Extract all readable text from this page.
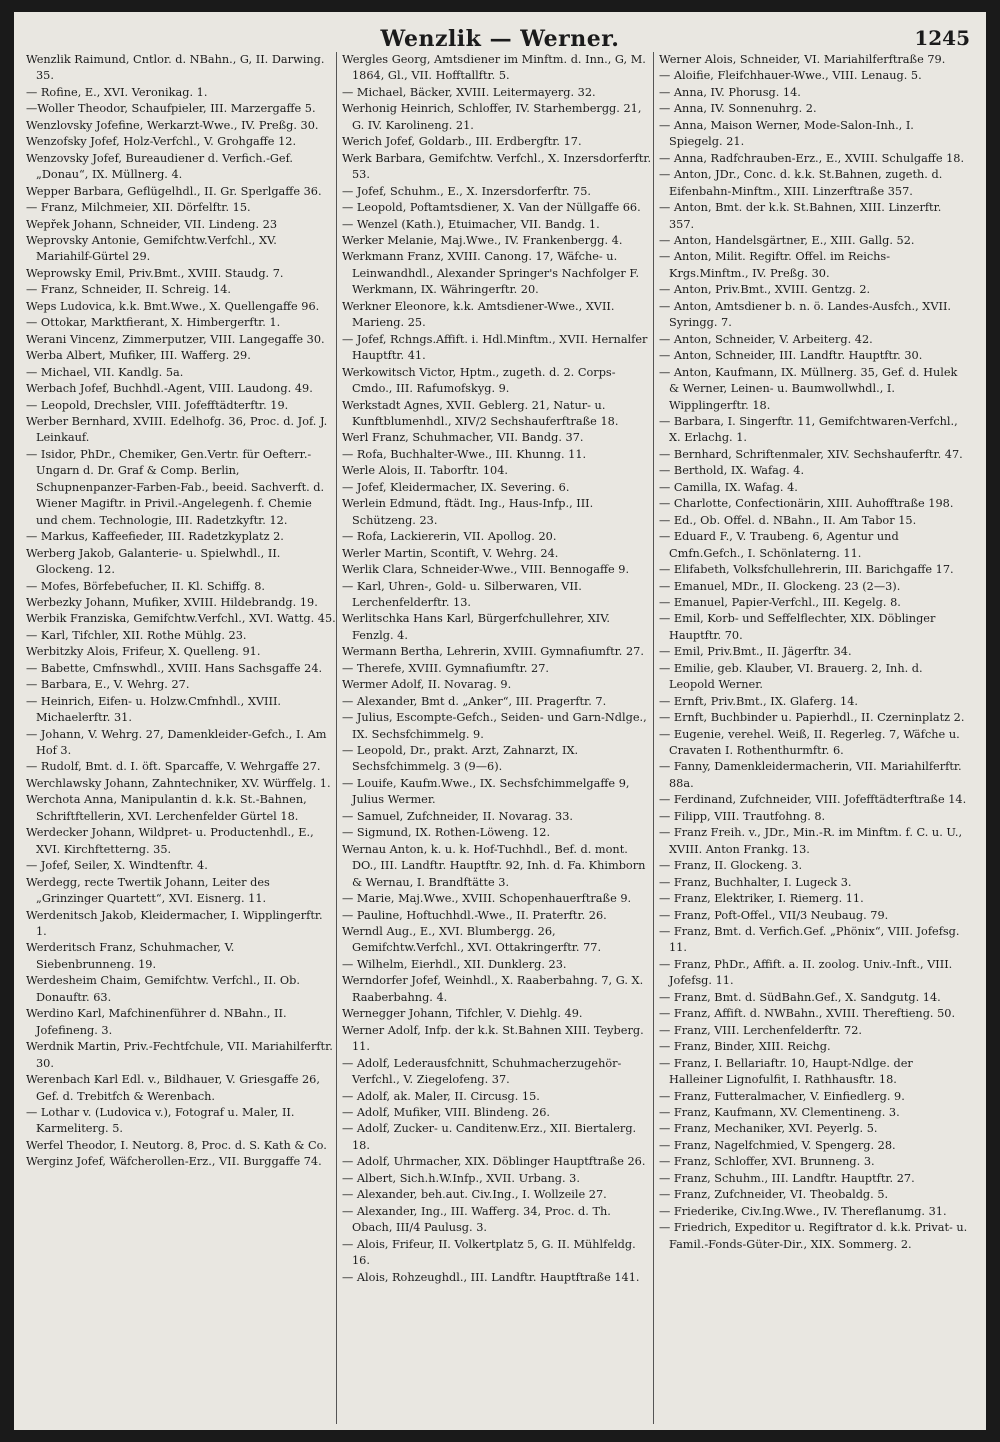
Wenzlik — Werner.	1245

Wenzlik Raimund, Cntlor. d. NBahn., G, II. Darwing. 35.

— Rofine, E., XVI. Veronikag. 1.

—Woller Theodor, Schaufpieler, III. Marzergaffe 5.

Wenzlovsky Jofefine, Werkarzt-Wwe., IV. Preßg. 30.

Wenzofsky Jofef, Holz-Verfchl., V. Grohgaffe 12.

Wenzovsky Jofef, Bureaudiener d. Verfich.-Gef. „Donau“, IX. Müllnerg. 4.

Wepper Barbara, Geflügelhdl., II. Gr. Sperlgaffe 36.

— Franz, Milchmeier, XII. Dörfelftr. 15.

Wepřek Johann, Schneider, VII. Lindeng. 23

Weprovsky Antonie, Gemifchtw.Verfchl., XV. Mariahilf-Gürtel 29.

Weprowsky Emil, Priv.Bmt., XVIII. Staudg. 7.

— Franz, Schneider, II. Schreig. 14.

Weps Ludovica, k.k. Bmt.Wwe., X. Quellengaffe 96.

— Ottokar, Marktfierant, X. Himbergerftr. 1.

Werani Vincenz, Zimmerputzer, VIII. Langegaffe 30.

Werba Albert, Mufiker, III. Wafferg. 29.

— Michael, VII. Kandlg. 5a.

Werbach Jofef, Buchhdl.-Agent, VIII. Laudong. 49.

— Leopold, Drechsler, VIII. Jofefftädterftr. 19.

Werber Bernhard, XVIII. Edelhofg. 36, Proc. d. Jof. J. Leinkauf.

— Isidor, PhDr., Chemiker, Gen.Vertr. für Oefterr.-Ungarn d. Dr. Graf & Comp. Berlin, Schupnenpanzer-Farben-Fab., beeid. Sachverft. d. Wiener Magiftr. in Privil.-Angelegenh. f. Chemie und chem. Technologie, III. Radetzkyftr. 12.

— Markus, Kaffeefieder, III. Radetzkyplatz 2.

Werberg Jakob, Galanterie- u. Spielwhdl., II. Glockeng. 12.

— Mofes, Börfebefucher, II. Kl. Schiffg. 8.

Werbezky Johann, Mufiker, XVIII. Hildebrandg. 19.

Werbik Franziska, Gemifchtw.Verfchl., XVI. Wattg. 45.

— Karl, Tifchler, XII. Rothe Mühlg. 23.

Werbitzky Alois, Frifeur, X. Quelleng. 91.

— Babette, Cmfnswhdl., XVIII. Hans Sachsgaffe 24.

— Barbara, E., V. Wehrg. 27.

— Heinrich, Eifen- u. Holzw.Cmfnhdl., XVIII. Michaelerftr. 31.

— Johann, V. Wehrg. 27, Damenkleider-Gefch., I. Am Hof 3.

— Rudolf, Bmt. d. I. öft. Sparcaffe, V. Wehrgaffe 27.

Werchlawsky Johann, Zahntechniker, XV. Würffelg. 1.

Werchota Anna, Manipulantin d. k.k. St.-Bahnen, Schriftftellerin, XVI. Lerchenfelder Gürtel 18.

Werdecker Johann, Wildpret- u. Productenhdl., E., XVI. Kirchftetterng. 35.

— Jofef, Seiler, X. Windtenftr. 4.

Werdegg, recte Twertik Johann, Leiter des „Grinzinger Quartett“, XVI. Eisnerg. 11.

Werdenitsch Jakob, Kleidermacher, I. Wipplingerftr. 1.

Werderitsch Franz, Schuhmacher, V. Siebenbrunneng. 19.

Werdesheim Chaim, Gemifchtw. Verfchl., II. Ob. Donauftr. 63.

Werdino Karl, Mafchinenführer d. NBahn., II. Jofefineng. 3.

Werdnik Martin, Priv.-Fechtfchule, VII. Mariahilferftr. 30.

Werenbach Karl Edl. v., Bildhauer, V. Griesgaffe 26, Gef. d. Trebitfch & Werenbach.

— Lothar v. (Ludovica v.), Fotograf u. Maler, II. Karmeliterg. 5.

Werfel Theodor, I. Neutorg. 8, Proc. d. S. Kath & Co.

Werginz Jofef, Wäfcherollen-Erz., VII. Burggaffe 74.

Wergles Georg, Amtsdiener im Minftm. d. Inn., G, M. 1864, Gl., VII. Hofftallftr. 5.

— Michael, Bäcker, XVIII. Leitermayerg. 32.

Werhonig Heinrich, Schloffer, IV. Starhembergg. 21, G. IV. Karolineng. 21.

Werich Jofef, Goldarb., III. Erdbergftr. 17.

Werk Barbara, Gemifchtw. Verfchl., X. Inzersdorferftr. 53.

— Jofef, Schuhm., E., X. Inzersdorferftr. 75.

— Leopold, Poftamtsdiener, X. Van der Nüllgaffe 66.

— Wenzel (Kath.), Etuimacher, VII. Bandg. 1.

Werker Melanie, Maj.Wwe., IV. Frankenbergg. 4.

Werkmann Franz, XVIII. Canong. 17, Wäfche- u. Leinwandhdl., Alexander Springer's Nachfolger F. Werkmann, IX. Währingerftr. 20.

Werkner Eleonore, k.k. Amtsdiener-Wwe., XVII. Marieng. 25.

— Jofef, Rchngs.Affift. i. Hdl.Minftm., XVII. Hernalfer Hauptftr. 41.

Werkowitsch Victor, Hptm., zugeth. d. 2. Corps-Cmdo., III. Rafumofskyg. 9.

Werkstadt Agnes, XVII. Geblerg. 21, Natur- u. Kunftblumenhdl., XIV/2 Sechshauferftraße 18.

Werl Franz, Schuhmacher, VII. Bandg. 37.

— Rofa, Buchhalter-Wwe., III. Khunng. 11.

Werle Alois, II. Taborftr. 104.

— Jofef, Kleidermacher, IX. Severing. 6.

Werlein Edmund, ftädt. Ing., Haus-Infp., III. Schützeng. 23.

— Rofa, Lackiererin, VII. Apollog. 20.

Werler Martin, Scontift, V. Wehrg. 24.

Werlik Clara, Schneider-Wwe., VIII. Bennogaffe 9.

— Karl, Uhren-, Gold- u. Silberwaren, VII. Lerchenfelderftr. 13.

Werlitschka Hans Karl, Bürgerfchullehrer, XIV. Fenzlg. 4.

Wermann Bertha, Lehrerin, XVIII. Gymnafiumftr. 27.

— Therefe, XVIII. Gymnafiumftr. 27.

Wermer Adolf, II. Novarag. 9.

— Alexander, Bmt d. „Anker“, III. Pragerftr. 7.

— Julius, Escompte-Gefch., Seiden- und Garn-Ndlge., IX. Sechsfchimmelg. 9.

— Leopold, Dr., prakt. Arzt, Zahnarzt, IX. Sechsfchimmelg. 3 (9—6).

— Louife, Kaufm.Wwe., IX. Sechsfchimmelgaffe 9, Julius Wermer.

— Samuel, Zufchneider, II. Novarag. 33.

— Sigmund, IX. Rothen-Löweng. 12.

Wernau Anton, k. u. k. Hof-Tuchhdl., Bef. d. mont. DO., III. Landftr. Hauptftr. 92, Inh. d. Fa. Khimborn & Wernau, I. Brandftätte 3.

— Marie, Maj.Wwe., XVIII. Schopenhauerftraße 9.

— Pauline, Hoftuchhdl.-Wwe., II. Praterftr. 26.

Werndl Aug., E., XVI. Blumbergg. 26, Gemifchtw.Verfchl., XVI. Ottakringerftr. 77.

— Wilhelm, Eierhdl., XII. Dunklerg. 23.

Werndorfer Jofef, Weinhdl., X. Raaberbahng. 7, G. X. Raaberbahng. 4.

Wernegger Johann, Tifchler, V. Diehlg. 49.

Werner Adolf, Infp. der k.k. St.Bahnen XIII. Teyberg. 11.

— Adolf, Lederausfchnitt, Schuhmacherzugehör-Verfchl., V. Ziegelofeng. 37.

— Adolf, ak. Maler, II. Circusg. 15.

— Adolf, Mufiker, VIII. Blindeng. 26.

— Adolf, Zucker- u. Canditenw.Erz., XII. Biertalerg. 18.

— Adolf, Uhrmacher, XIX. Döblinger Hauptftraße 26.

— Albert, Sich.h.W.Infp., XVII. Urbang. 3.

— Alexander, beh.aut. Civ.Ing., I. Wollzeile 27.

— Alexander, Ing., III. Wafferg. 34, Proc. d. Th. Obach, III/4 Paulusg. 3.

— Alois, Frifeur, II. Volkertplatz 5, G. II. Mühlfeldg. 16.

— Alois, Rohzeughdl., III. Landftr. Hauptftraße 141.

Werner Alois, Schneider, VI. Mariahilferftraße 79.

— Aloifie, Fleifchhauer-Wwe., VIII. Lenaug. 5.

— Anna, IV. Phorusg. 14.

— Anna, IV. Sonnenuhrg. 2.

— Anna, Maison Werner, Mode-Salon-Inh., I. Spiegelg. 21.

— Anna, Radfchrauben-Erz., E., XVIII. Schulgaffe 18.

— Anton, JDr., Conc. d. k.k. St.Bahnen, zugeth. d. Eifenbahn-Minftm., XIII. Linzerftraße 357.

— Anton, Bmt. der k.k. St.Bahnen, XIII. Linzerftr. 357.

— Anton, Handelsgärtner, E., XIII. Gallg. 52.

— Anton, Milit. Regiftr. Offel. im Reichs-Krgs.Minftm., IV. Preßg. 30.

— Anton, Priv.Bmt., XVIII. Gentzg. 2.

— Anton, Amtsdiener b. n. ö. Landes-Ausfch., XVII. Syringg. 7.

— Anton, Schneider, V. Arbeiterg. 42.

— Anton, Schneider, III. Landftr. Hauptftr. 30.

— Anton, Kaufmann, IX. Müllnerg. 35, Gef. d. Hulek & Werner, Leinen- u. Baumwollwhdl., I. Wipplingerftr. 18.

— Barbara, I. Singerftr. 11, Gemifchtwaren-Verfchl., X. Erlachg. 1.

— Bernhard, Schriftenmaler, XIV. Sechshauferftr. 47.

— Berthold, IX. Wafag. 4.

— Camilla, IX. Wafag. 4.

— Charlotte, Confectionärin, XIII. Auhofftraße 198.

— Ed., Ob. Offel. d. NBahn., II. Am Tabor 15.

— Eduard F., V. Traubeng. 6, Agentur und Cmfn.Gefch., I. Schönlaterng. 11.

— Elifabeth, Volksfchullehrerin, III. Barichgaffe 17.

— Emanuel, MDr., II. Glockeng. 23 (2—3).

— Emanuel, Papier-Verfchl., III. Kegelg. 8.

— Emil, Korb- und Seffelflechter, XIX. Döblinger Hauptftr. 70.

— Emil, Priv.Bmt., II. Jägerftr. 34.

— Emilie, geb. Klauber, VI. Brauerg. 2, Inh. d. Leopold Werner.

— Ernft, Priv.Bmt., IX. Glaferg. 14.

— Ernft, Buchbinder u. Papierhdl., II. Czerninplatz 2.

— Eugenie, verehel. Weiß, II. Regerleg. 7, Wäfche u. Cravaten I. Rothenthurmftr. 6.

— Fanny, Damenkleidermacherin, VII. Mariahilferftr. 88a.

— Ferdinand, Zufchneider, VIII. Jofefftädterftraße 14.

— Filipp, VIII. Trautfohng. 8.

— Franz Freih. v., JDr., Min.-R. im Minftm. f. C. u. U., XVIII. Anton Frankg. 13.

— Franz, II. Glockeng. 3.

— Franz, Buchhalter, I. Lugeck 3.

— Franz, Elektriker, I. Riemerg. 11.

— Franz, Poft-Offel., VII/3 Neubaug. 79.

— Franz, Bmt. d. Verfich.Gef. „Phönix“, VIII. Jofefsg. 11.

— Franz, PhDr., Affift. a. II. zoolog. Univ.-Inft., VIII. Jofefsg. 11.

— Franz, Bmt. d. SüdBahn.Gef., X. Sandgutg. 14.

— Franz, Affift. d. NWBahn., XVIII. Thereftieng. 50.

— Franz, VIII. Lerchenfelderftr. 72.

— Franz, Binder, XIII. Reichg.

— Franz, I. Bellariaftr. 10, Haupt-Ndlge. der Halleiner Lignofulfit, I. Rathhausftr. 18.

— Franz, Futteralmacher, V. Einfiedlerg. 9.

— Franz, Kaufmann, XV. Clementineng. 3.

— Franz, Mechaniker, XVI. Peyerlg. 5.

— Franz, Nagelfchmied, V. Spengerg. 28.

— Franz, Schloffer, XVI. Brunneng. 3.

— Franz, Schuhm., III. Landftr. Hauptftr. 27.

— Franz, Zufchneider, VI. Theobaldg. 5.

— Friederike, Civ.Ing.Wwe., IV. Thereflanumg. 31.

— Friedrich, Expeditor u. Regiftrator d. k.k. Privat- u. Famil.-Fonds-Güter-Dir., XIX. Sommerg. 2.
